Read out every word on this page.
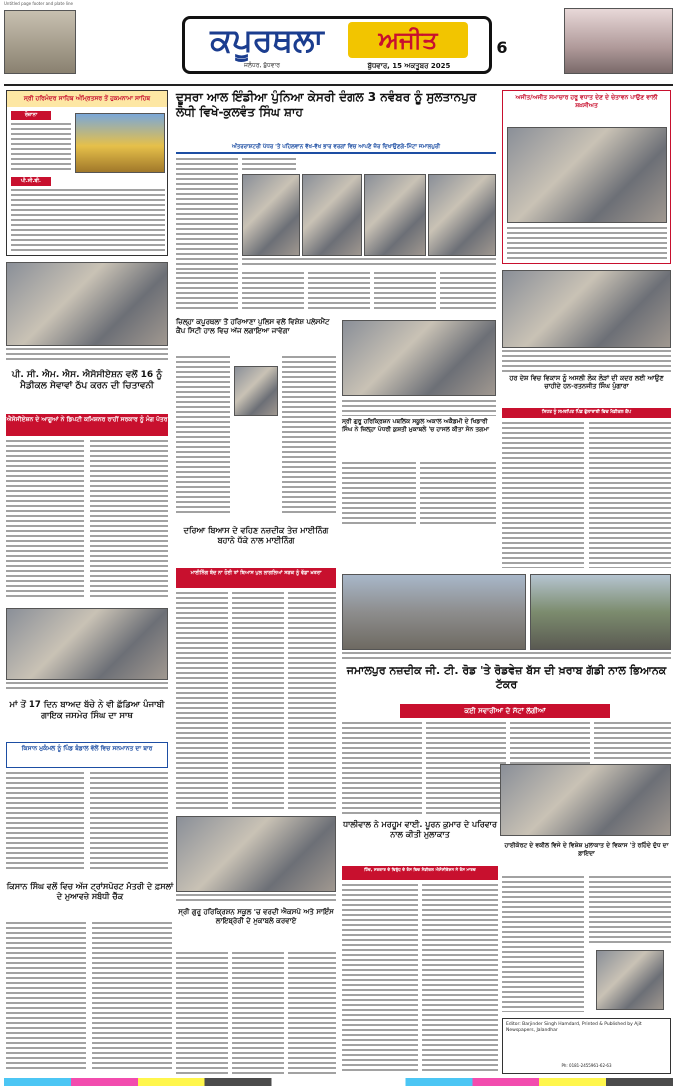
Untitled page footer and plate line
ਕਪੂਰਥਲਾ	ਅਜੀਤ
ਜਲੰਧਰ, ਬੁੱਧਵਾਰ	ਬੁੱਧਵਾਰ, 15 ਅਕਤੂਬਰ 2025
6
ਸ੍ਰੀ ਹਰਿਮੰਦਰ ਸਾਹਿਬ ਅੰਮ੍ਰਿਤਸਰ ਤੋਂ ਹੁਕਮਨਾਮਾ ਸਾਹਿਬ
ਰੋਜ਼ਾਨਾ
ਪੀ.ਸੀ.ਬੀ.
ਪੀ. ਸੀ. ਐਮ. ਐਸ. ਐਸੋਸੀਏਸ਼ਨ ਵਲੋਂ 16 ਨੂੰ ਮੈਡੀਕਲ ਸੇਵਾਵਾਂ ਠੱਪ ਕਰਨ ਦੀ ਚਿਤਾਵਨੀ
ਐਸੋਸੀਏਸ਼ਨ ਦੇ ਆਗੂਆਂ ਨੇ ਡਿਪਟੀ ਕਮਿਸ਼ਨਰ ਰਾਹੀਂ ਸਰਕਾਰ ਨੂੰ ਮੰਗ ਪੱਤਰ
ਮਾਂ ਤੋਂ 17 ਦਿਨ ਬਾਅਦ ਬੱਚੇ ਨੇ ਵੀ ਛੱਡਿਆ ਪੰਜਾਬੀ ਗਾਇਕ ਜਸਮੇਰ ਸਿੰਘ ਦਾ ਸਾਥ
ਕਿਸਾਨ ਮੁਕੰਮਲ ਨੂੰ ਪਿੰਡ ਬੰਡਾਲ ਵੱਲੋਂ ਵਿਚ ਸਨਮਾਨਤ ਦਾ ਬਾਰ
ਕਿਸਾਨ ਸਿੰਘ ਵਲੋਂ ਵਿਚ ਅੱਜ ਟ੍ਰਾਂਸਪੋਰਟ ਮੰਤਰੀ ਦੇ ਫ਼ਸਲਾਂ ਦੇ ਮੁਆਵਜ਼ੇ ਸਬੰਧੀ ਚੈੱਕ
ਦੂਸਰਾ ਆਲ ਇੰਡੀਆ ਪੁੰਨਿਆ ਕੇਸਰੀ ਦੰਗਲ 3 ਨਵੰਬਰ ਨੂੰ ਸੁਲਤਾਨਪੁਰ ਲੋਧੀ ਵਿਖੇ-ਕੁਲਵੰਤ ਸਿੰਘ ਸ਼ਾਹ
ਅੰਤਰਰਾਸ਼ਟਰੀ ਪੱਧਰ 'ਤੇ ਪਹਿਲਵਾਨ ਵੱਖ-ਵੱਖ ਭਾਰ ਵਰਗਾਂ ਵਿਚ ਆਪਣੇ ਜ਼ੋਰ ਦਿਖਾਉਣਗੇ-ਮਿੰਟਾ ਜਮਾਲਪੁਰੀ
ਜ਼ਿਲ੍ਹਾ ਕਪੂਰਥਲਾ ਤੋਂ ਹਰਿਆਣਾ ਪੁਲਿਸ ਵਲੋਂ ਵਿਸ਼ੇਸ਼ ਪਲੇਸਮੈਂਟ ਕੈਂਪ ਸਿਟੀ ਹਾਲ ਵਿਚ ਅੱਜ ਲਗਾਇਆ ਜਾਵੇਗਾ
ਸ੍ਰੀ ਗੁਰੂ ਹਰਿਕ੍ਰਿਸ਼ਨ ਪਬਲਿਕ ਸਕੂਲ ਅਕਾਲ ਅਕੈਡਮੀ ਦੇ ਖਿਡਾਰੀ ਸਿੰਘ ਨੇ ਜ਼ਿਲ੍ਹਾ ਪੱਧਰੀ ਕੁਸ਼ਤੀ ਮੁਕਾਬਲੇ 'ਚ ਹਾਸਲ ਕੀਤਾ ਸੋਨ ਤਗਮਾ
ਦਰਿਆ ਬਿਆਸ ਦੇ ਵਹਿਣ ਨਜ਼ਦੀਕ ਤੇਜ਼ ਮਾਈਨਿੰਗ ਬਹਾਨੇ ਧੱਕੇ ਨਾਲ ਮਾਈਨਿੰਗ
ਮਾਈਨਿੰਗ ਬੰਦ ਨਾ ਹੋਈ ਤਾਂ ਬਿਆਸ ਪੁਲ ਲਾਗਲਿਆਂ ਸੜਕ ਨੂੰ ਵੱਡਾ ਖ਼ਤਰਾ
ਜਮਾਲਪੁਰ ਨਜ਼ਦੀਕ ਜੀ. ਟੀ. ਰੋਡ 'ਤੇ ਰੋਡਵੇਜ਼ ਬੱਸ ਦੀ ਖ਼ਰਾਬ ਗੱਡੀ ਨਾਲ ਭਿਆਨਕ ਟੱਕਰ
ਕਈ ਸਵਾਰੀਆਂ ਦੇ ਸੱਟਾਂ ਲੱਗੀਆਂ
ਧਾਲੀਵਾਲ ਨੇ ਮਰਹੂਮ ਵਾਈ. ਪੂਰਨ ਕੁਮਾਰ ਦੇ ਪਰਿਵਾਰ ਨਾਲ ਕੀਤੀ ਮੁਲਾਕਾਤ
ਹਿੰਦ, ਸਰਕਾਰ ਦੇ ਵਿਰੁੱਧ ਦੇ ਰੋਸ ਵਿਚ ਮੈਡੀਕਲ ਐਸੋਸੀਏਸ਼ਨ ਨੇ ਰੋਸ ਮਾਰਚ
ਸ੍ਰੀ ਗੁਰੂ ਹਰਿਕ੍ਰਿਸ਼ਨ ਸਕੂਲ 'ਚ ਵਰਦੀ ਐਕਸਪੋ ਅਤੇ ਸਾਇੰਸ ਲਾਇਬ੍ਰੇਰੀ ਦੇ ਮੁਕਾਬਲੇ ਕਰਵਾਏ
ਅਜੀਤ/ਅਜੀਤ ਸਮਾਚਾਰ ਹਰੂ ਵਧਾਤ ਦੇਣ ਦੇ ਚੇਤਾਵਨ ਪਾਉਣ ਵਾਲੀ ਸ਼ਖ਼ਸੀਅਤ
ਹਰ ਦੇਸ਼ ਵਿਚ ਵਿਕਾਸ ਨੂੰ ਅਸਲੀ ਲੋਕ ਲੋੜਾਂ ਦੀ ਕਦਰ ਲਈ ਆਉਣ ਚਾਹੀਦੇ ਹਨ-ਰਤਨਜੀਤ ਸਿੰਘ ਪੁੰਗਾਰਾ
ਸਿਹਤ ਨੂੰ ਸਮਰਪਿਤ ਪਿੰਡ ਭੁੱਲਾਰਾਈ ਵਿਚ ਮੈਡੀਕਲ ਕੈਂਪ
ਹਾਈਕੋਰਟ ਦੇ ਵਕੀਲ ਵਿਜੇ ਦੇ ਵਿਸ਼ੇਸ਼ ਮੁਲਾਕਾਤ ਦੇ ਵਿਕਾਸ 'ਤੇ ਰਹਿੰਦੇ ਦੁੱਧ ਦਾ ਫ਼ਾਇਦਾ
Editor: Barjinder Singh Hamdard, Printed & Published by Ajit Newspapers, Jalandhar
Ph: 0181-2455961-62-63
